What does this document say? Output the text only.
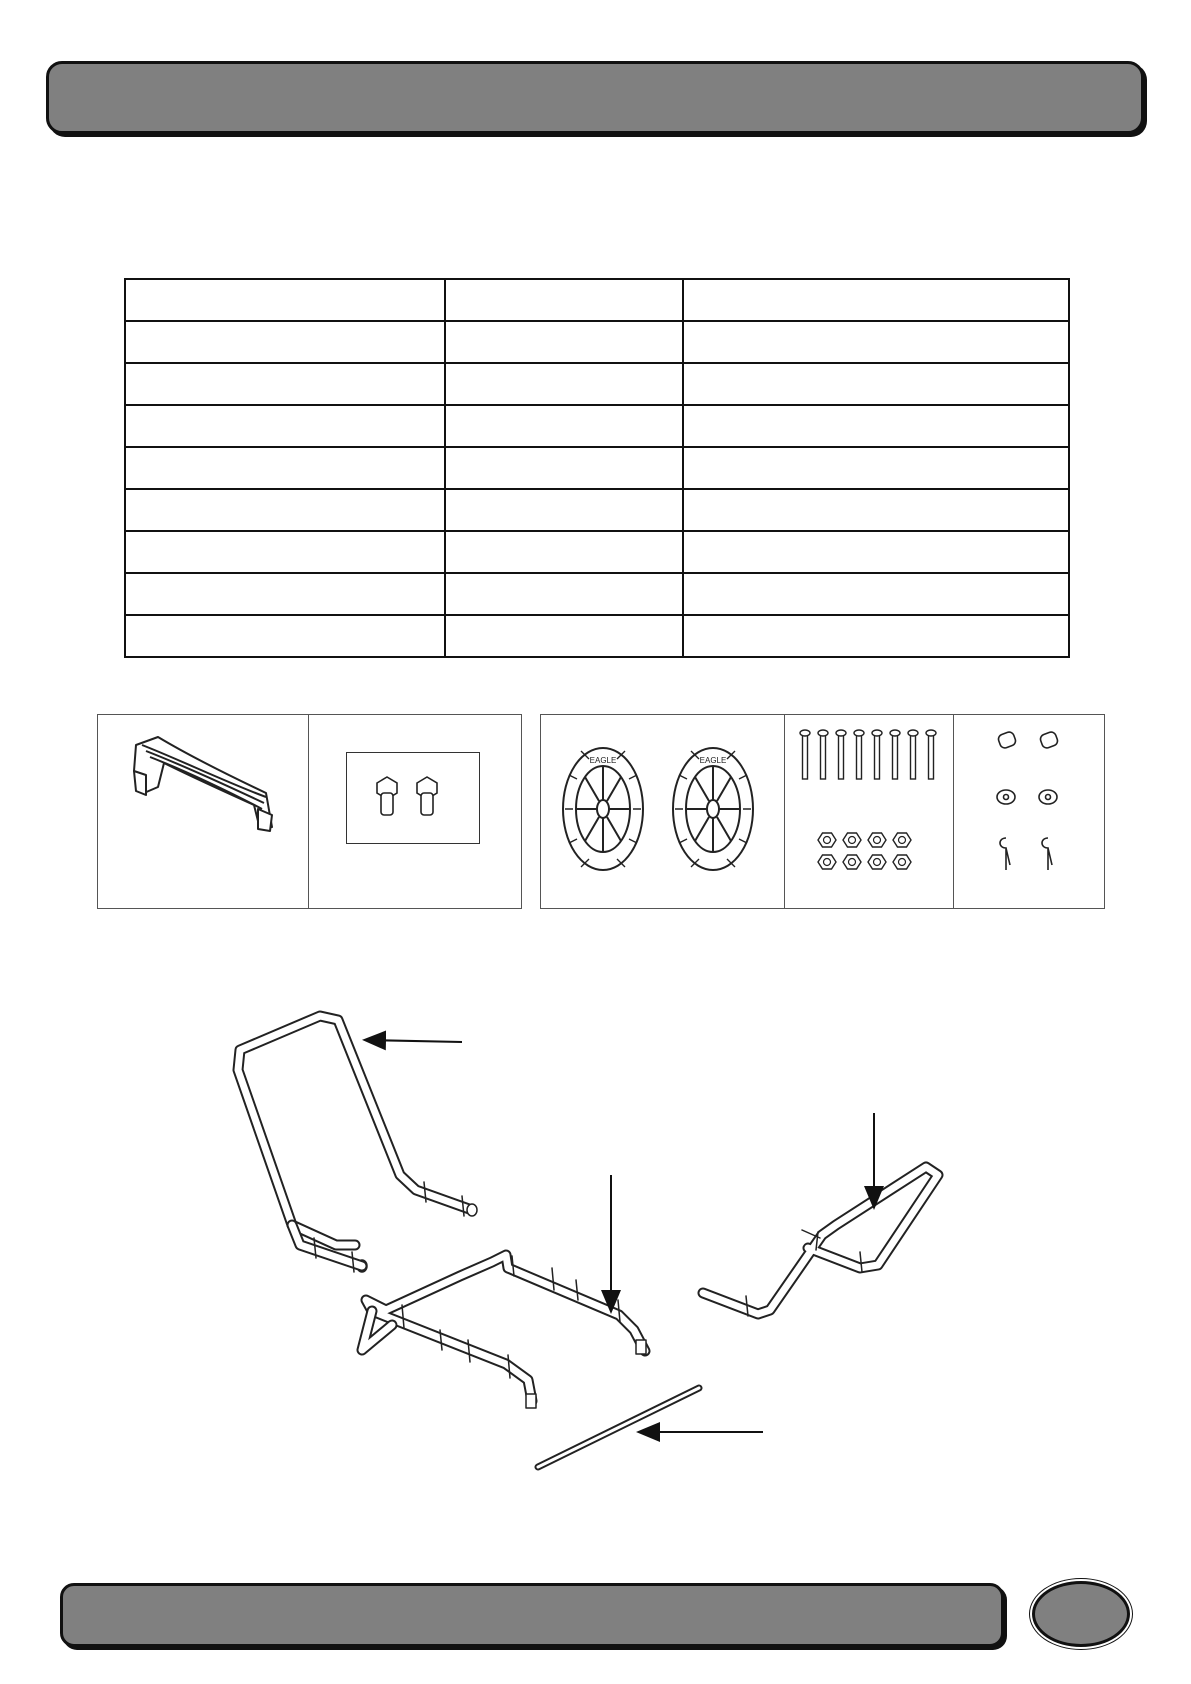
EAGLE	EAGLE
